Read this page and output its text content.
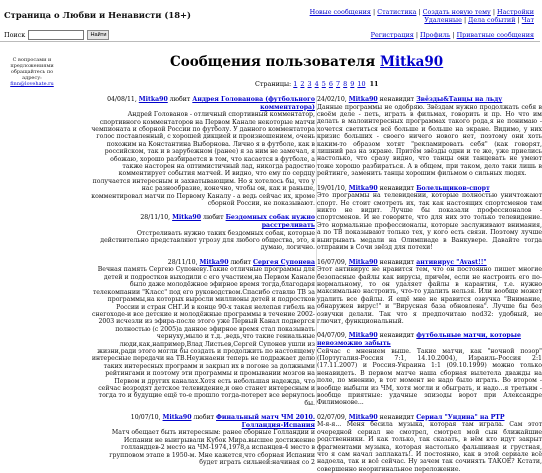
Страница о Любви и Ненависти (18+)	Новые сообщения | Статистика | Создать новую тему | Настройки
Удаленные | Дела событий | Чат
Поиск	Найти	Регистрация | Профиль | Приватные сообщения
С вопросами и предложениями обращайтесь по адресу:
finn@lovehate.ru
Сообщения пользователя Mitka90
Страницы: 1 2 3 4 5 6 7 8 9 10 11
04/08/11, Mitka90 любит Андрея Голованова (футбольного комментатора)
Андрей Голованов - отличный спортивный комментатор, спортивного комментаторов на Первом Канале некоторые матчи чемпионата и сборной России по футболу. У данного комментатора голос поставленный, с хорошей дикцией и произношением, очень похожим на Константина Выборнова. Лично я в футболе, как в российском, так и в зарубежном (ранее) я за ним не замечал, я обожаю, хорошо разбирается в том, что касается в футболе, а также насторен на оптимистичный лад, никогда радостно комментирует события матчей. И видно, что ему по сердцу получается интересным и захватывающим. Но я хотелось бы, что у нас разнообразие, конечно, чтобы он, как и раньше, комментировал матчи по Первому Каналу - а ведь сейчас их, кроме сборной России, не показывают.
28/11/10, Mitka90 любит Бездомных собак нужно расстреливать
Отстреливать нужно таких бездомных собак, которые действительно представляют угрозу для любого общества, это, я думаю, логично.
28/11/10, Mitka90 любит Сергея Супонева
Вечная память Сергею Супоневу.Такие отличные программы для детей и подростков выходили с его участием,на Первом Канале было даже молодёжное эфирное время тогда,благодаря телекомпании "Класс" под его руководством.Спасибо ставлю ТВ за программы,на которых выросли миллионы детей и подростков России и стран СНГ.И в конце 90-х такая нелепая гибель на снегоходе-и все детские и молодёжные программы в течение 2002-2003 исчезли из эфира-после этого уже Первый Канал подвергся полностью (с 2005)а данное эфирное время стал показывать чернуху,мыло и т.д. ,ведь,что такие гениальные люди,как,например,Влад Листьев,Сергей Супонев ушли из жизни,ради этого могли бы создать и продолжить по настоящему интересные передачи на ТВ.Неужнаени теперь не подражает делю таких интересных программ и закрыл их в погоне за должными рейтингами и поэтому эти программы и промывании мозгов на Первом и других каналах.Хотя есть небольшая надежда, что сейчас возродят детское телевидение,и оно станет интересным и тогда то и будущие ещё то-е прошло тогда-потерет все вернулось бы.
10/07/10, Mitka90 любит Финальный матч ЧМ 2010. Голландия-Испания
Матч обещает быть интересным: ранее сборные Голландии и Испании не выигрывали Кубок Мира.высшее достижение голландцев-2 место на ЧМ-1974,1978,а испанцев-4 место в групповом этапе в 1950-м. Мне кажется,что сборная Испании будет играть сильней:начиная со 2
24/02/10, Mitka90 ненавидит Звёзды&Танцы на льду
Данные программы не одобряю. Звёздам нужно продолжать себя в своём деле - петь, играть в фильмах, говорить и пр. Но что им делать в малоинтересных программах такого рода,я не понимаю - хочется светиться всё больше и больше на экране. Видимо, у них кризис больших - своего ничего нового нет, поэтому они хоть каким-то образом хотят "рекламировать себя" (как говорят, лишний раз на экране. Притём звёзды одни и те же, уже приелись настолько, что сразу видно, что танцы они танцевать не умеют тоже хорошо разбираться. А в общем, при таком, дело таки лишь в рейтинге, заменить танцы хорошим фильмом о сильных людях.
19/01/10, Mitka90 ненавидит Болельщиков-спорт
Это программы на телевидении, которые полностью уничтожают спорт. Не стоит смотреть их, так как настоящих спортсменов там никто не видит. Лучше бы показали профессионалов - спортсменов. И не говорите, что для них это только телевидение. Это нормальные профессионалы, которые заслуживают внимания, а по ТВ показывают только тех, у кого есть связи. Поэтому лучше выигрывать медали на Олимпиаде в Ванкувере. Давайте тогда отправим в Сочи звёзд для потехи!
16/07/09, Mitka90 ненавидит антивирус "Avast!!"
Этот антивирус не нравится тем, что он постоянно пишет многие безопасные файлы как вирусы, причём, если не настроить его по-нормальному, то он удаляет файлы в карантин, т.е. нужно максимально настроить, что-то удалить нельзя. Или вообще может удалить все файлы. Я ещё мне не нравится озвучка "Внимание, обнаружен вирус!" и "Вирусная база обновлена". Лучше бы без озвучки делали. Так что я предпочитаю nod32: удобный, не глючит, функциональный.
04/07/09, Mitka90 ненавидит футбольные матчи, которые невозможно забыть
Сейчас с мнением выше. Такие матчи, как "ночной позор" (Португалия-Россия 7:1, 14.10.2004), Израиль-Россия 2:1 (17.11.2007) и Россия-Украина 1:1 (09.10.1999) можно только ненавидеть. В первом матче наша сборная вылетела дважды на поле, по мнению, в тот момент не надо было играть. Во втором - вообще выбыли из ЧМ, хотя могли и обыграть, и надо...я третьим - вообще приятные: удачные эпизоды ворот при Александре Филимонове...
02/07/09, Mitka90 ненавидит Сериал "Ундина" на РТР
М-я-я... Меня бесила музыка, которая там играла. Сам этот очередной сериал не смотрел, смотрел мой сын ближайшие родственники. И как только, так сказать, в нём кто идут закрыт фрагментами музыка, которая настолько фальшивая и грустная, что я сам начал заплакать!. И постоянно, как в этой сериале всё надоела, так и всё сейчас. Ну зачем так сочинять ТАКОЕ? Кстати, совершенно неоригинальное переложение.
